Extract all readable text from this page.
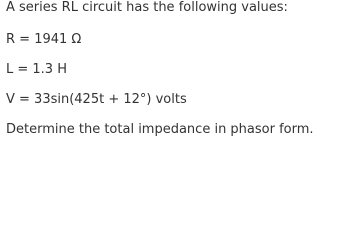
A series RL circuit has the following values:
R = 1941 Ω
L = 1.3 H
V = 33sin(425t + 12°) volts
Determine the total impedance in phasor form.
